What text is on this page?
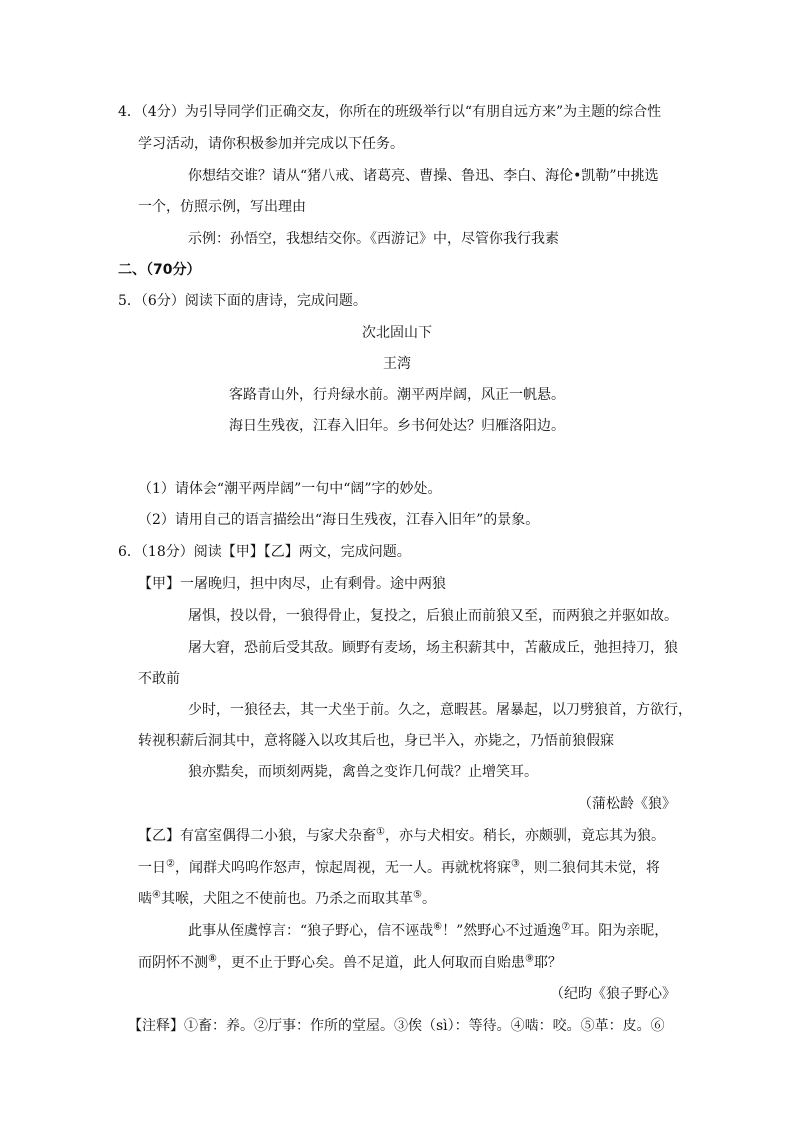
4．（4分）为引导同学们正确交友，你所在的班级举行以“有朋自远方来”为主题的综合性
学习活动，请你积极参加并完成以下任务。
你想结交谁？请从“猪八戒、诸葛亮、曹操、鲁迅、李白、海伦•凯勒”中挑选
一个，仿照示例，写出理由
示例：孙悟空，我想结交你。《西游记》中，尽管你我行我素
二、（70分）
5．（6分）阅读下面的唐诗，完成问题。
次北固山下
王湾
客路青山外，行舟绿水前。潮平两岸阔，风正一帆悬。
海日生残夜，江春入旧年。乡书何处达？归雁洛阳边。
（1）请体会“潮平两岸阔”一句中“阔”字的妙处。
（2）请用自己的语言描绘出“海日生残夜，江春入旧年”的景象。
6．（18分）阅读【甲】【乙】两文，完成问题。
【甲】一屠晚归，担中肉尽，止有剩骨。途中两狼
屠惧，投以骨，一狼得骨止，复投之，后狼止而前狼又至，而两狼之并驱如故。
屠大窘，恐前后受其敌。顾野有麦场，场主积薪其中，苫蔽成丘，弛担持刀，狼
不敢前
少时，一狼径去，其一犬坐于前。久之，意暇甚。屠暴起，以刀劈狼首，方欲行，
转视积薪后洞其中，意将隧入以攻其后也，身已半入，亦毙之，乃悟前狼假寐
狼亦黠矣，而顷刻两毙，禽兽之变诈几何哉？止增笑耳。
（蒲松龄《狼》
【乙】有富室偶得二小狼，与家犬杂畜①，亦与犬相安。稍长，亦颇驯，竟忘其为狼。
一日②，闻群犬呜呜作怒声，惊起周视，无一人。再就枕将寐③，则二狼伺其未觉，将
啮④其喉，犬阻之不使前也。乃杀之而取其革⑤。
此事从侄虞惇言：“狼子野心，信不诬哉⑥！”然野心不过遁逸⑦耳。阳为亲昵，
而阴怀不测⑧，更不止于野心矣。兽不足道，此人何取而自贻患⑨耶？
（纪昀《狼子野心》
【注释】①畜：养。②厅事：作所的堂屋。③俟（sì）：等待。④啮：咬。⑤革：皮。⑥
